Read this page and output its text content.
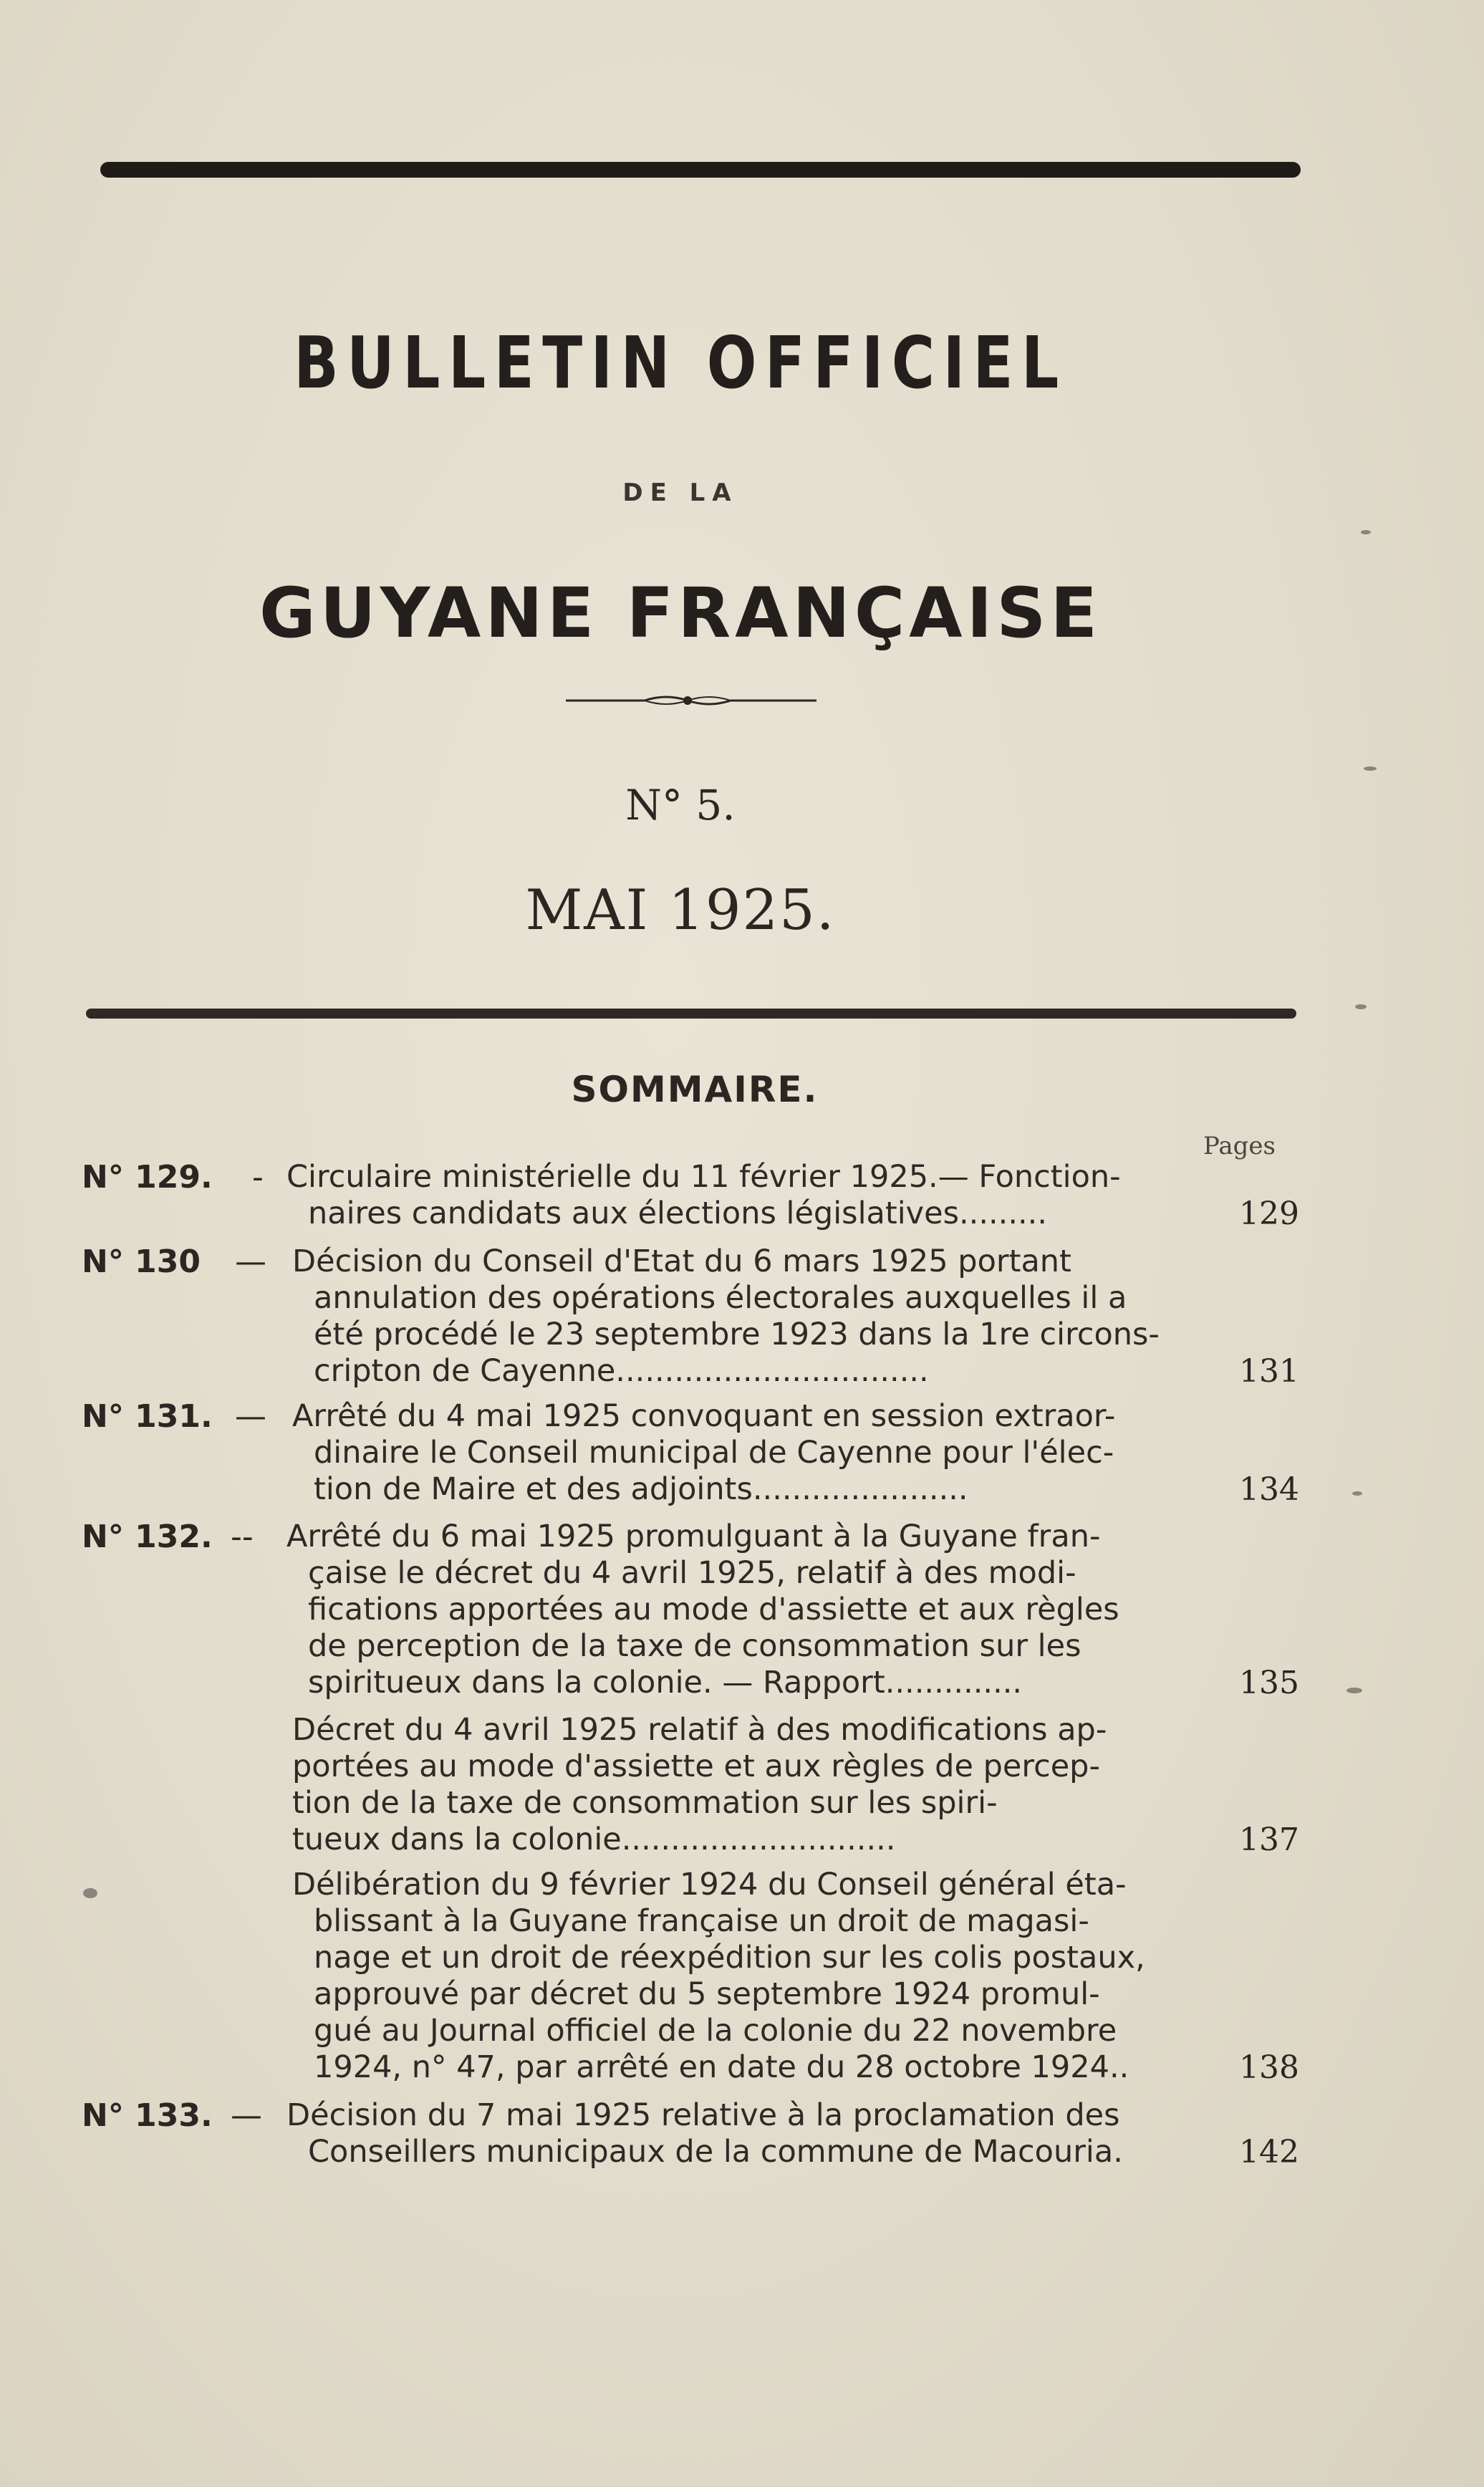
BULLETIN OFFICIEL
DE LA
GUYANE FRANÇAISE
N° 5.
MAI 1925.
SOMMAIRE.
Pages
N° 129. - Circulaire ministérielle du 11 février 1925.— Fonction-
naires candidats aux élections législatives.........	129
N° 130 — Décision du Conseil d'Etat du 6 mars 1925 portant
annulation des opérations électorales auxquelles il a
été procédé le 23 septembre 1923 dans la 1re circons-
cripton de Cayenne................................	131
N° 131. — Arrêté du 4 mai 1925 convoquant en session extraor-
dinaire le Conseil municipal de Cayenne pour l'élec-
tion de Maire et des adjoints......................	134
N° 132. -- Arrêté du 6 mai 1925 promulguant à la Guyane fran-
çaise le décret du 4 avril 1925, relatif à des modi-
fications apportées au mode d'assiette et aux règles
de perception de la taxe de consommation sur les
spiritueux dans la colonie. — Rapport..............	135
Décret du 4 avril 1925 relatif à des modifications ap-
portées au mode d'assiette et aux règles de percep-
tion de la taxe de consommation sur les spiri-
tueux dans la colonie............................	137
Délibération du 9 février 1924 du Conseil général éta-
blissant à la Guyane française un droit de magasi-
nage et un droit de réexpédition sur les colis postaux,
approuvé par décret du 5 septembre 1924 promul-
gué au Journal officiel de la colonie du 22 novembre
1924, n° 47, par arrêté en date du 28 octobre 1924..	138
N° 133. — Décision du 7 mai 1925 relative à la proclamation des
Conseillers municipaux de la commune de Macouria.	142
